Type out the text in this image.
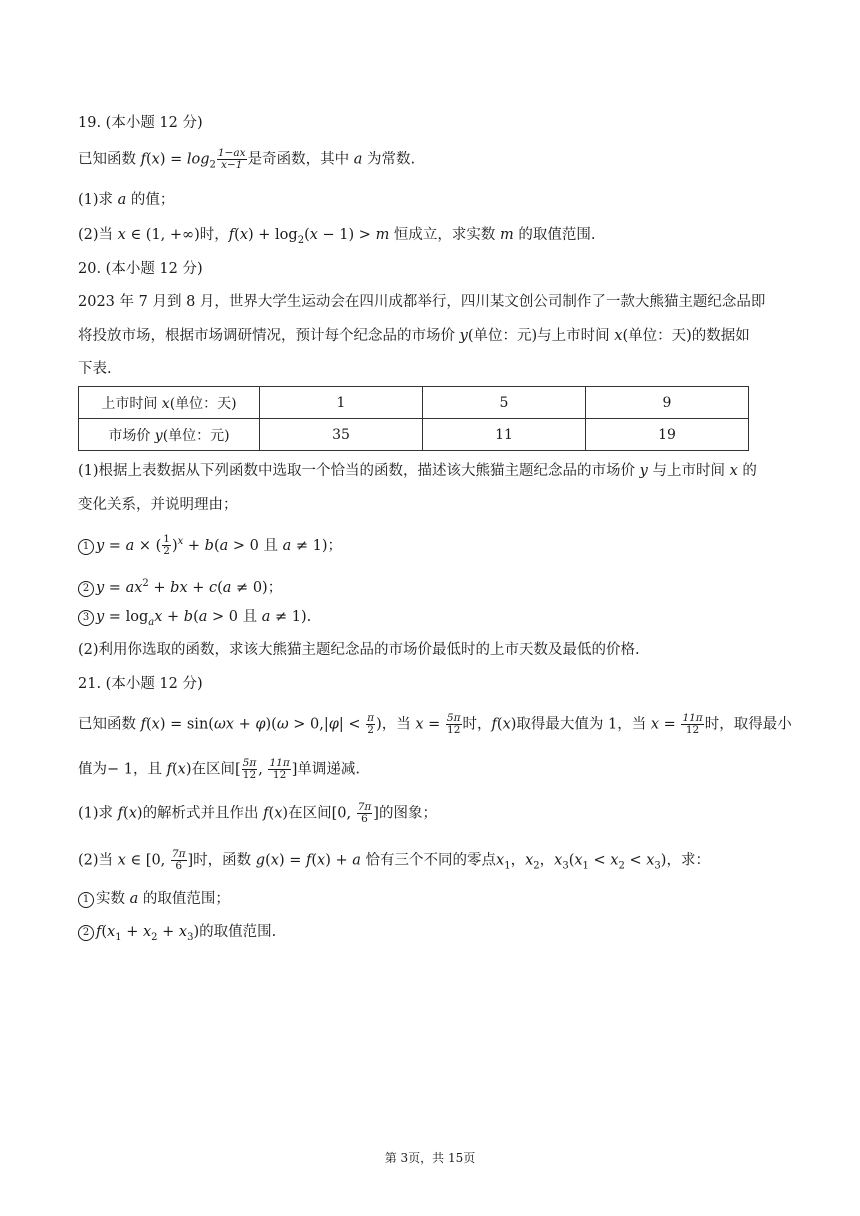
19. (本小题 12 分)
已知函数 $f(x) = \log_2 \frac{1-ax}{x-1}$ 是奇函数，其中 a 为常数.
(1)求 a 的值；
(2)当 x ∈ (1, +∞)时，$f(x) + \log_2(x - 1) > m$ 恒成立，求实数 m 的取值范围.
20. (本小题 12 分)
2023 年 7 月到 8 月，世界大学生运动会在四川成都举行，四川某文创公司制作了一款大熊猫主题纪念品即
将投放市场，根据市场调研情况，预计每个纪念品的市场价 y(单位：元)与上市时间 x(单位：天)的数据如
下表.
上市时间 x(单位：天)	1	5	9
市场价 y(单位：元)	35	11	19
(1)根据上表数据从下列函数中选取一个恰当的函数，描述该大熊猫主题纪念品的市场价 y 与上市时间 x 的
变化关系，并说明理由；
1 y = a × ( $\frac{1}{2} )^x + b(a > 0$ 且 a ≠ 1)；
2 $y = ax^2$ + bx + c(a ≠ 0)；
3 $y = \log_ax + b(a > 0$ 且 a ≠ 1).
(2)利用你选取的函数，求该大熊猫主题纪念品的市场价最低时的上市天数及最低的价格.
21. (本小题 12 分)
已知函数 $f(x) = \sin(\omega x + \varphi)(\omega > 0,|\varphi| < \frac{\pi}{2}$ )，当 $x = \frac{5\pi}{12}$ 时，f(x)取得最大值为 1，当 $x = \frac{11\pi}{12}$ 时，取得最小
值为− 1，且 f(x)在区间[ $\frac{5\pi}{12}$ , $\frac{11\pi}{12}$ ]单调递减.
(1)求 f(x)的解析式并且作出 f(x)在区间[0, $\frac{7\pi}{6}$ ]的图象；
(2)当 x ∈ [0, $\frac{7\pi}{6}$ ]时，函数 g(x) = f(x) + a 恰有三个不同的零点$x_1$，$x_2$，$x_3(x_1 < x_2 < x_3)$，求：
1 实数 a 的取值范围；
2 $f(x_1 + x_2 + x_3)$的取值范围.
第 3页，共 15页
